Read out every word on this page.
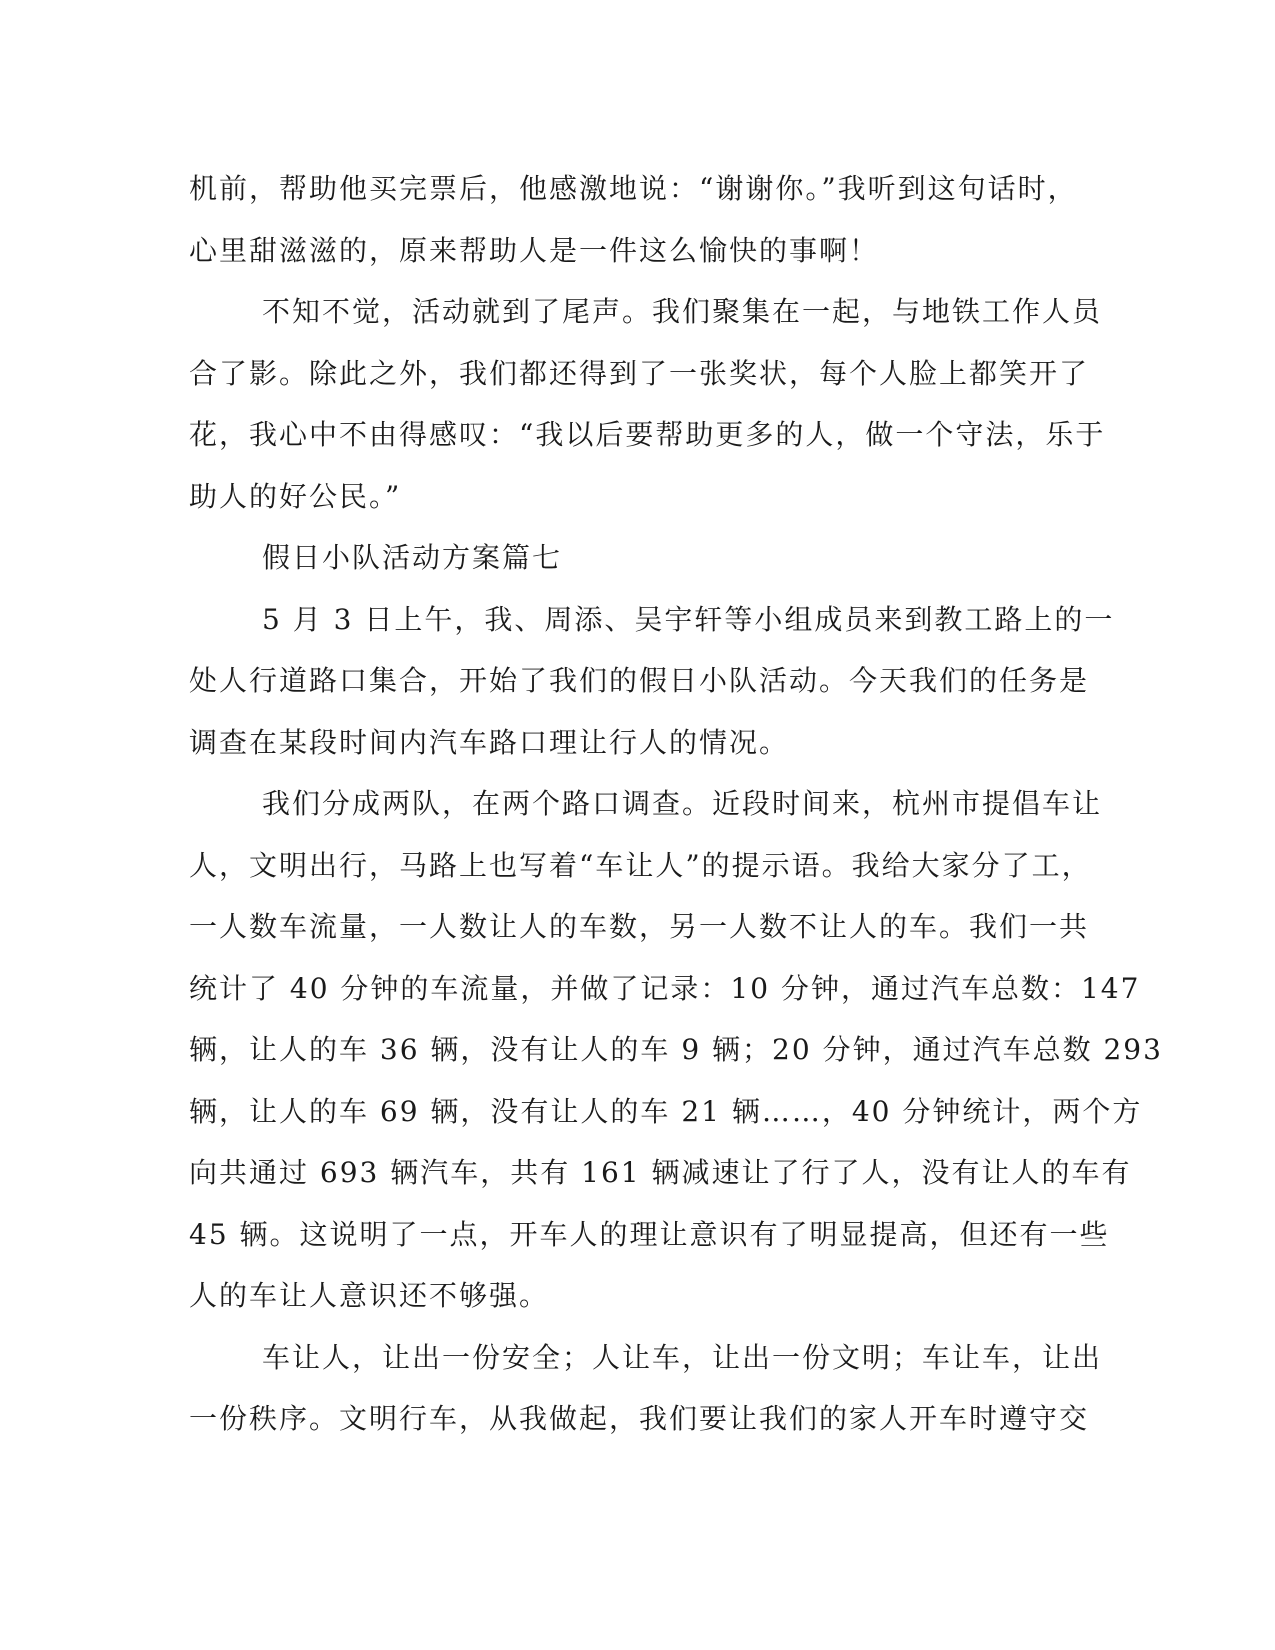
机前，帮助他买完票后，他感激地说：“谢谢你。”我听到这句话时，
心里甜滋滋的，原来帮助人是一件这么愉快的事啊！
不知不觉，活动就到了尾声。我们聚集在一起，与地铁工作人员
合了影。除此之外，我们都还得到了一张奖状，每个人脸上都笑开了
花，我心中不由得感叹：“我以后要帮助更多的人，做一个守法，乐于
助人的好公民。”
假日小队活动方案篇七
5 月 3 日上午，我、周添、吴宇轩等小组成员来到教工路上的一
处人行道路口集合，开始了我们的假日小队活动。今天我们的任务是
调查在某段时间内汽车路口理让行人的情况。
我们分成两队，在两个路口调查。近段时间来，杭州市提倡车让
人，文明出行，马路上也写着“车让人”的提示语。我给大家分了工，
一人数车流量，一人数让人的车数，另一人数不让人的车。我们一共
统计了 40 分钟的车流量，并做了记录：10 分钟，通过汽车总数：147
辆，让人的车 36 辆，没有让人的车 9 辆；20 分钟，通过汽车总数 293
辆，让人的车 69 辆，没有让人的车 21 辆……，40 分钟统计，两个方
向共通过 693 辆汽车，共有 161 辆减速让了行了人，没有让人的车有
45 辆。这说明了一点，开车人的理让意识有了明显提高，但还有一些
人的车让人意识还不够强。
车让人，让出一份安全；人让车，让出一份文明；车让车，让出
一份秩序。文明行车，从我做起，我们要让我们的家人开车时遵守交
